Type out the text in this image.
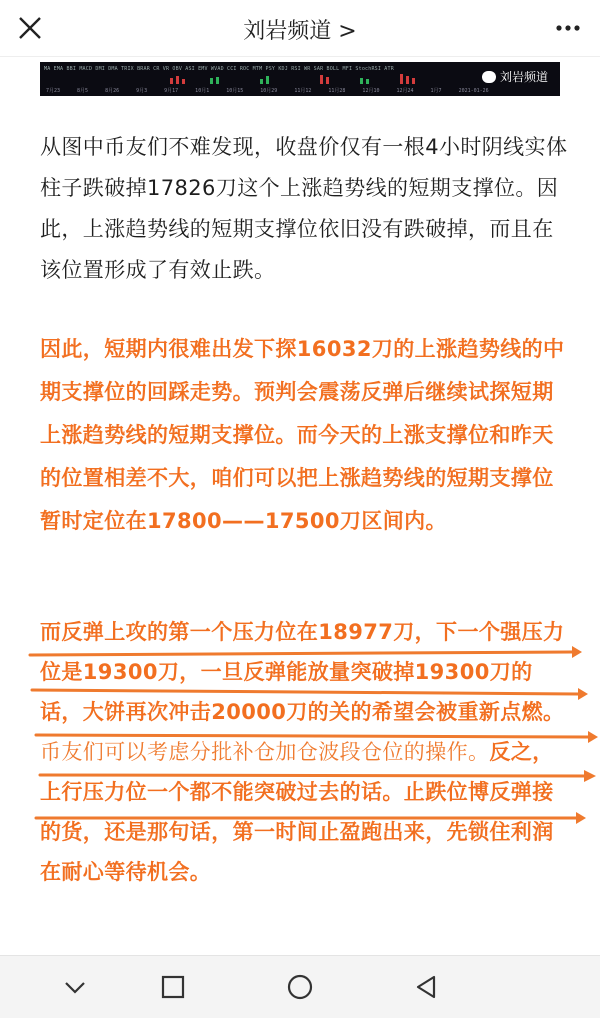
刘岩频道 >
MA EMA BBI MACD DMI DMA TRIX BRAR CR VR OBV ASI EMV WVAD CCI ROC MTM PSY KDJ RSI WR SAR BOLL MFI StochRSI ATR
7月23 8月5 8月26 9月3 9月17 10月1 10月15 10月29 11月12 11月28 12月10 12月24 1月7 2021-01-26
刘岩频道
从图中币友们不难发现，收盘价仅有一根4小时阴线实体柱子跌破掉17826刀这个上涨趋势线的短期支撑位。因此，上涨趋势线的短期支撑位依旧没有跌破掉，而且在该位置形成了有效止跌。
因此，短期内很难出发下探16032刀的上涨趋势线的中期支撑位的回踩走势。预判会震荡反弹后继续试探短期上涨趋势线的短期支撑位。而今天的上涨支撑位和昨天的位置相差不大，咱们可以把上涨趋势线的短期支撑位暂时定位在17800——17500刀区间内。
而反弹上攻的第一个压力位在18977刀，下一个强压力位是19300刀，一旦反弹能放量突破掉19300刀的话，大饼再次冲击20000刀的关的希望会被重新点燃。币友们可以考虑分批补仓加仓波段仓位的操作。反之，上行压力位一个都不能突破过去的话。止跌位博反弹接的货，还是那句话，第一时间止盈跑出来，先锁住利润在耐心等待机会。
